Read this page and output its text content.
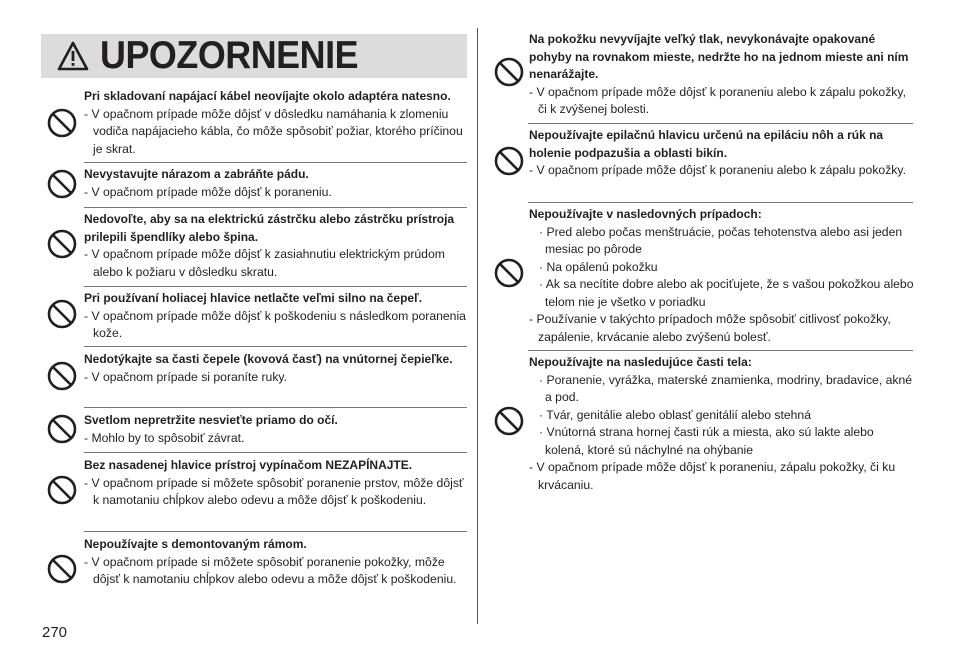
UPOZORNENIE
Pri skladovaní napájací kábel neovíjajte okolo adaptéra natesno.
- V opačnom prípade môže dôjsť v dôsledku namáhania k zlomeniu vodiča napájacieho kábla, čo môže spôsobiť požiar, ktorého príčinou je skrat.
Nevystavujte nárazom a zabráňte pádu.
- V opačnom prípade môže dôjsť k poraneniu.
Nedovoľte, aby sa na elektrickú zástrčku alebo zástrčku prístroja prilepili špendlíky alebo špina.
- V opačnom prípade môže dôjsť k zasiahnutiu elektrickým prúdom alebo k požiaru v dôsledku skratu.
Pri používaní holiacej hlavice netlačte veľmi silno na čepeľ.
- V opačnom prípade môže dôjsť k poškodeniu s následkom poranenia kože.
Nedotýkajte sa časti čepele (kovová časť) na vnútornej čepieľke.
- V opačnom prípade si poraníte ruky.
Svetlom nepretržite nesvieťte priamo do očí.
- Mohlo by to spôsobiť závrat.
Bez nasadenej hlavice prístroj vypínačom NEZAPÍNAJTE.
- V opačnom prípade si môžete spôsobiť poranenie prstov, môže dôjsť k namotaniu chĺpkov alebo odevu a môže dôjsť k poškodeniu.
Nepoužívajte s demontovaným rámom.
- V opačnom prípade si môžete spôsobiť poranenie pokožky, môže dôjsť k namotaniu chĺpkov alebo odevu a môže dôjsť k poškodeniu.
Na pokožku nevyvíjajte veľký tlak, nevykonávajte opakované pohyby na rovnakom mieste, nedržte ho na jednom mieste ani ním nenarážajte.
- V opačnom prípade môže dôjsť k poraneniu alebo k zápalu pokožky, či k zvýšenej bolesti.
Nepoužívajte epilačnú hlavicu určenú na epiláciu nôh a rúk na holenie podpazušia a oblasti bikín.
- V opačnom prípade môže dôjsť k poraneniu alebo k zápalu pokožky.
Nepoužívajte v nasledovných prípadoch:
· Pred alebo počas menštruácie, počas tehotenstva alebo asi jeden mesiac po pôrode
· Na opálenú pokožku
· Ak sa necítite dobre alebo ak pociťujete, že s vašou pokožkou alebo telom nie je všetko v poriadku
- Používanie v takýchto prípadoch môže spôsobiť citlivosť pokožky, zapálenie, krvácanie alebo zvýšenú bolesť.
Nepoužívajte na nasledujúce časti tela:
· Poranenie, vyrážka, materské znamienka, modriny, bradavice, akné a pod.
· Tvár, genitálie alebo oblasť genitálií alebo stehná
· Vnútorná strana hornej časti rúk a miesta, ako sú lakte alebo kolená, ktoré sú náchylné na ohýbanie
- V opačnom prípade môže dôjsť k poraneniu, zápalu pokožky, či ku krvácaniu.
270
